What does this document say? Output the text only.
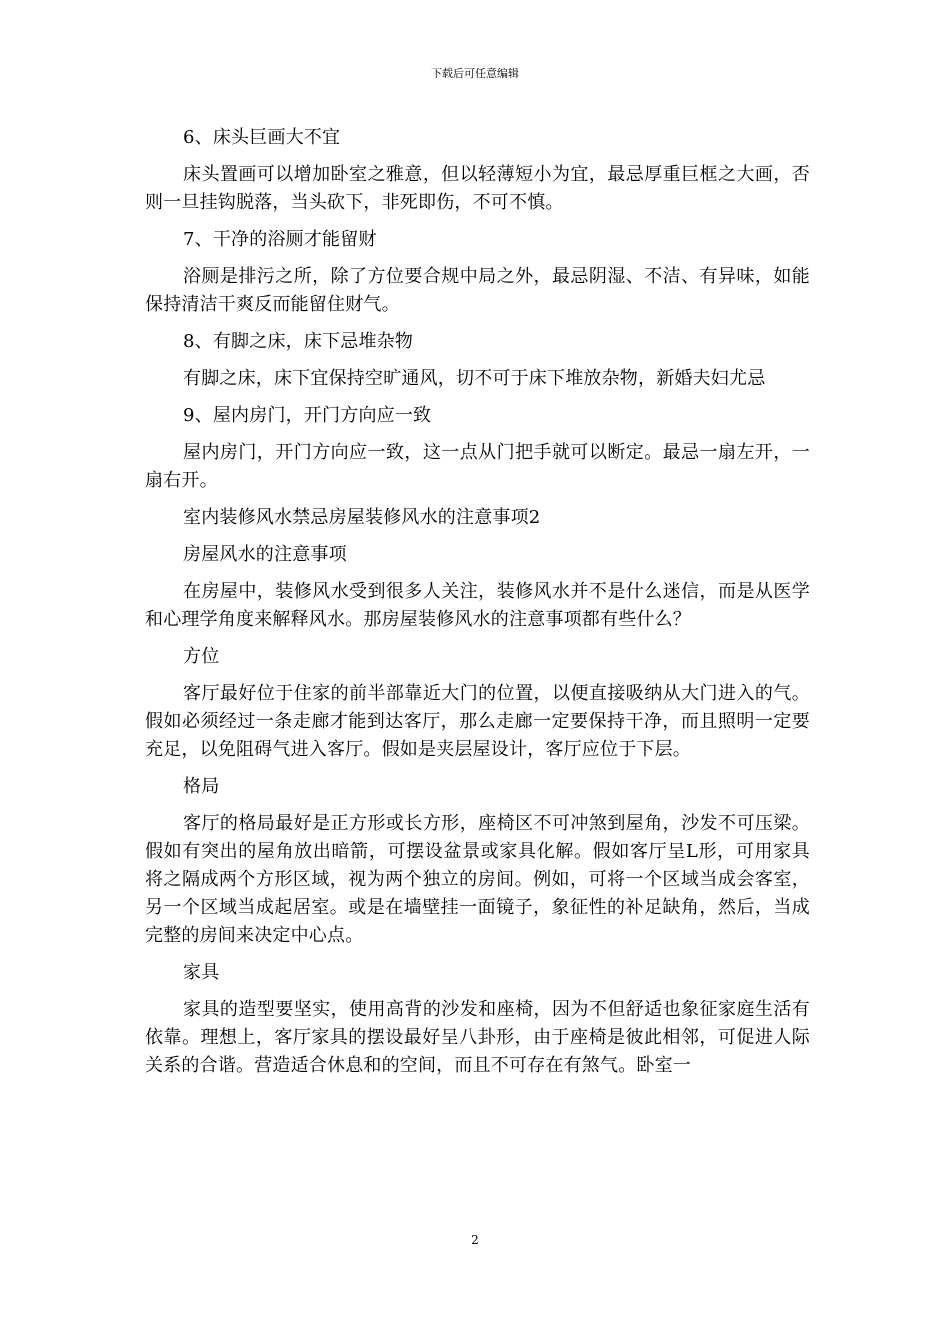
下载后可任意编辑

6、床头巨画大不宜

床头置画可以增加卧室之雅意，但以轻薄短小为宜，最忌厚重巨框之大画，否则一旦挂钩脱落，当头砍下，非死即伤，不可不慎。

7、干净的浴厕才能留财

浴厕是排污之所，除了方位要合规中局之外，最忌阴湿、不洁、有异味，如能保持清洁干爽反而能留住财气。

8、有脚之床，床下忌堆杂物

有脚之床，床下宜保持空旷通风，切不可于床下堆放杂物，新婚夫妇尤忌

9、屋内房门，开门方向应一致

屋内房门，开门方向应一致，这一点从门把手就可以断定。最忌一扇左开，一扇右开。

室内装修风水禁忌房屋装修风水的注意事项2

房屋风水的注意事项

在房屋中，装修风水受到很多人关注，装修风水并不是什么迷信，而是从医学和心理学角度来解释风水。那房屋装修风水的注意事项都有些什么？

方位

客厅最好位于住家的前半部靠近大门的位置，以便直接吸纳从大门进入的气。假如必须经过一条走廊才能到达客厅，那么走廊一定要保持干净，而且照明一定要充足，以免阻碍气进入客厅。假如是夹层屋设计，客厅应位于下层。

格局

客厅的格局最好是正方形或长方形，座椅区不可冲煞到屋角，沙发不可压梁。假如有突出的屋角放出暗箭，可摆设盆景或家具化解。假如客厅呈L形，可用家具将之隔成两个方形区域，视为两个独立的房间。例如，可将一个区域当成会客室，另一个区域当成起居室。或是在墙壁挂一面镜子，象征性的补足缺角，然后，当成完整的房间来决定中心点。

家具

家具的造型要坚实，使用高背的沙发和座椅，因为不但舒适也象征家庭生活有依靠。理想上，客厅家具的摆设最好呈八卦形，由于座椅是彼此相邻，可促进人际关系的合谐。营造适合休息和的空间，而且不可存在有煞气。卧室一

2
